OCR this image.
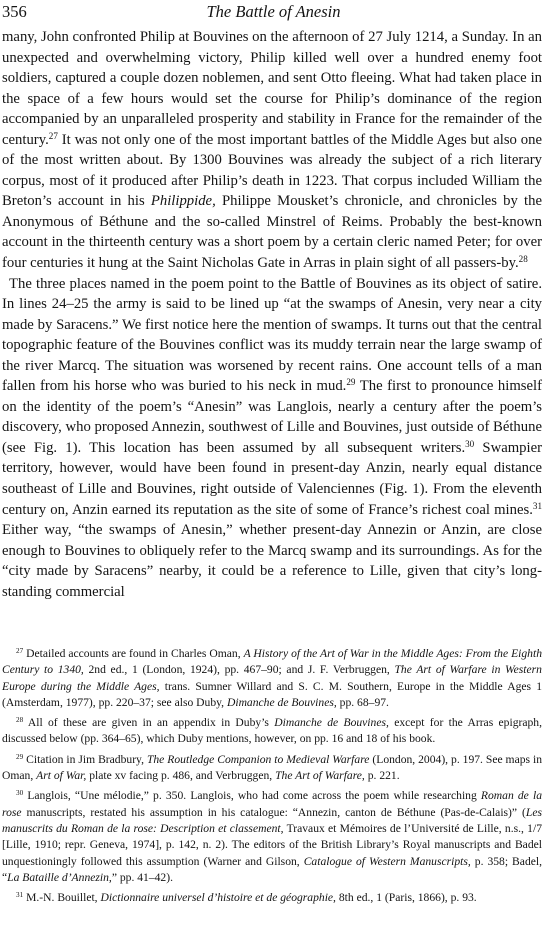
356	The Battle of Anesin

many, John confronted Philip at Bouvines on the afternoon of 27 July 1214, a Sunday. In an unexpected and overwhelming victory, Philip killed well over a hundred enemy foot soldiers, captured a couple dozen noblemen, and sent Otto fleeing. What had taken place in the space of a few hours would set the course for Philip’s dominance of the region accompanied by an unparalleled prosperity and stability in France for the remainder of the century.$^{27}$ It was not only one of the most important battles of the Middle Ages but also one of the most written about. By 1300 Bouvines was already the subject of a rich literary corpus, most of it produced after Philip’s death in 1223. That corpus included William the Breton’s account in his Philippide, Philippe Mousket’s chronicle, and chronicles by the Anonymous of Béthune and the so-called Minstrel of Reims. Probably the best-known account in the thirteenth century was a short poem by a certain cleric named Peter; for over four centuries it hung at the Saint Nicholas Gate in Arras in plain sight of all passers-by.$^{28}$

The three places named in the poem point to the Battle of Bouvines as its object of satire. In lines 24–25 the army is said to be lined up “at the swamps of Anesin, very near a city made by Saracens.” We first notice here the mention of swamps. It turns out that the central topographic feature of the Bouvines conflict was its muddy terrain near the large swamp of the river Marcq. The situation was worsened by recent rains. One account tells of a man fallen from his horse who was buried to his neck in mud.$^{29}$ The first to pronounce himself on the identity of the poem’s “Anesin” was Langlois, nearly a century after the poem’s discovery, who proposed Annezin, southwest of Lille and Bouvines, just outside of Béthune (see Fig. 1). This location has been assumed by all subsequent writers.$^{30}$ Swampier territory, however, would have been found in present-day Anzin, nearly equal distance southeast of Lille and Bouvines, right outside of Valenciennes (Fig. 1). From the eleventh century on, Anzin earned its reputation as the site of some of France’s richest coal mines.$^{31}$ Either way, “the swamps of Anesin,” whether present-day Annezin or Anzin, are close enough to Bouvines to obliquely refer to the Marcq swamp and its surroundings. As for the “city made by Saracens” nearby, it could be a reference to Lille, given that city’s long-standing commercial

$^{27}$ Detailed accounts are found in Charles Oman, A History of the Art of War in the Middle Ages: From the Eighth Century to 1340, 2nd ed., 1 (London, 1924), pp. 467–90; and J. F. Verbruggen, The Art of Warfare in Western Europe during the Middle Ages, trans. Sumner Willard and S. C. M. Southern, Europe in the Middle Ages 1 (Amsterdam, 1977), pp. 220–37; see also Duby, Dimanche de Bouvines, pp. 68–97.
$^{28}$ All of these are given in an appendix in Duby’s Dimanche de Bouvines, except for the Arras epigraph, discussed below (pp. 364–65), which Duby mentions, however, on pp. 16 and 18 of his book.
$^{29}$ Citation in Jim Bradbury, The Routledge Companion to Medieval Warfare (London, 2004), p. 197. See maps in Oman, Art of War, plate xv facing p. 486, and Verbruggen, The Art of Warfare, p. 221.
$^{30}$ Langlois, “Une mélodie,” p. 350. Langlois, who had come across the poem while researching Roman de la rose manuscripts, restated his assumption in his catalogue: “Annezin, canton de Béthune (Pas-de-Calais)” (Les manuscrits du Roman de la rose: Description et classement, Travaux et Mémoires de l’Université de Lille, n.s., 1/7 [Lille, 1910; repr. Geneva, 1974], p. 142, n. 2). The editors of the British Library’s Royal manuscripts and Badel unquestioningly followed this assumption (Warner and Gilson, Catalogue of Western Manuscripts, p. 358; Badel, “La Bataille d’Annezin,” pp. 41–42).
$^{31}$ M.-N. Bouillet, Dictionnaire universel d’histoire et de géographie, 8th ed., 1 (Paris, 1866), p. 93.
